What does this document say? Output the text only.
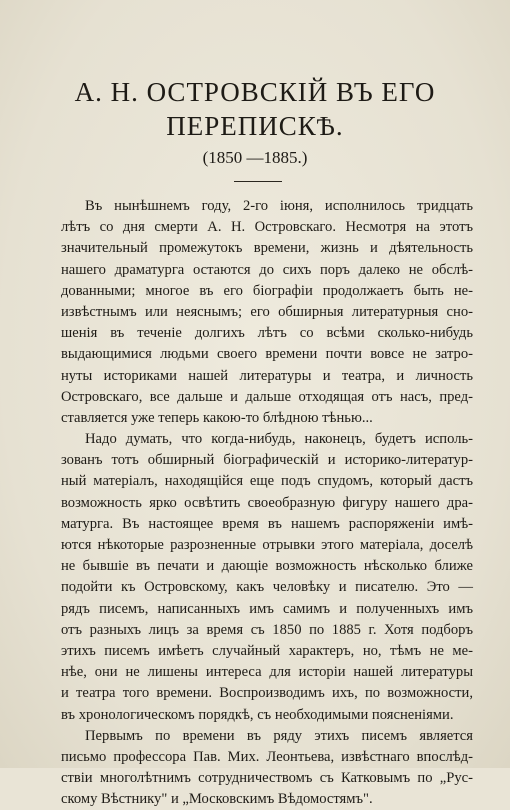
А. Н. ОСТРОВСКІЙ ВЪ ЕГО
ПЕРЕПИСКѢ.
(1850 —1885.)
Въ нынѣшнемъ году, 2-го іюня, исполнилось тридцать
лѣтъ со дня смерти А. Н. Островскаго. Несмотря на этотъ
значительный промежутокъ времени, жизнь и дѣятельность
нашего драматурга остаются до сихъ поръ далеко не обслѣ-
дованными; многое въ его біографіи продолжаетъ быть не-
извѣстнымъ или неяснымъ; его обширныя литературныя сно-
шенія въ теченіе долгихъ лѣтъ со всѣми сколько-нибудь
выдающимися людьми своего времени почти вовсе не затро-
нуты историками нашей литературы и театра, и личность
Островскаго, все дальше и дальше отходящая отъ насъ, пред-
ставляется уже теперь какою-то блѣдною тѣнью...
Надо думать, что когда-нибудь, наконецъ, будетъ исполь-
зованъ тотъ обширный біографическій и историко-литератур-
ный матеріалъ, находящійся еще подъ спудомъ, который дастъ
возможность ярко освѣтить своеобразную фигуру нашего дра-
матурга. Въ настоящее время въ нашемъ распоряженіи имѣ-
ются нѣкоторые разрозненные отрывки этого матеріала, доселѣ
не бывшіе въ печати и дающіе возможность нѣсколько ближе
подойти къ Островскому, какъ человѣку и писателю. Это —
рядъ писемъ, написанныхъ имъ самимъ и полученныхъ имъ
отъ разныхъ лицъ за время съ 1850 по 1885 г. Хотя подборъ
этихъ писемъ имѣетъ случайный характеръ, но, тѣмъ не ме-
нѣе, они не лишены интереса для исторіи нашей литературы
и театра того времени. Воспроизводимъ ихъ, по возможности,
въ хронологическомъ порядкѣ, съ необходимыми поясненіями.
Первымъ по времени въ ряду этихъ писемъ является
письмо профессора Пав. Мих. Леонтьева, извѣстнаго впослѣд-
ствіи многолѣтнимъ сотрудничествомъ съ Катковымъ по „Рус-
скому Вѣстнику" и „Московскимъ Вѣдомостямъ".
